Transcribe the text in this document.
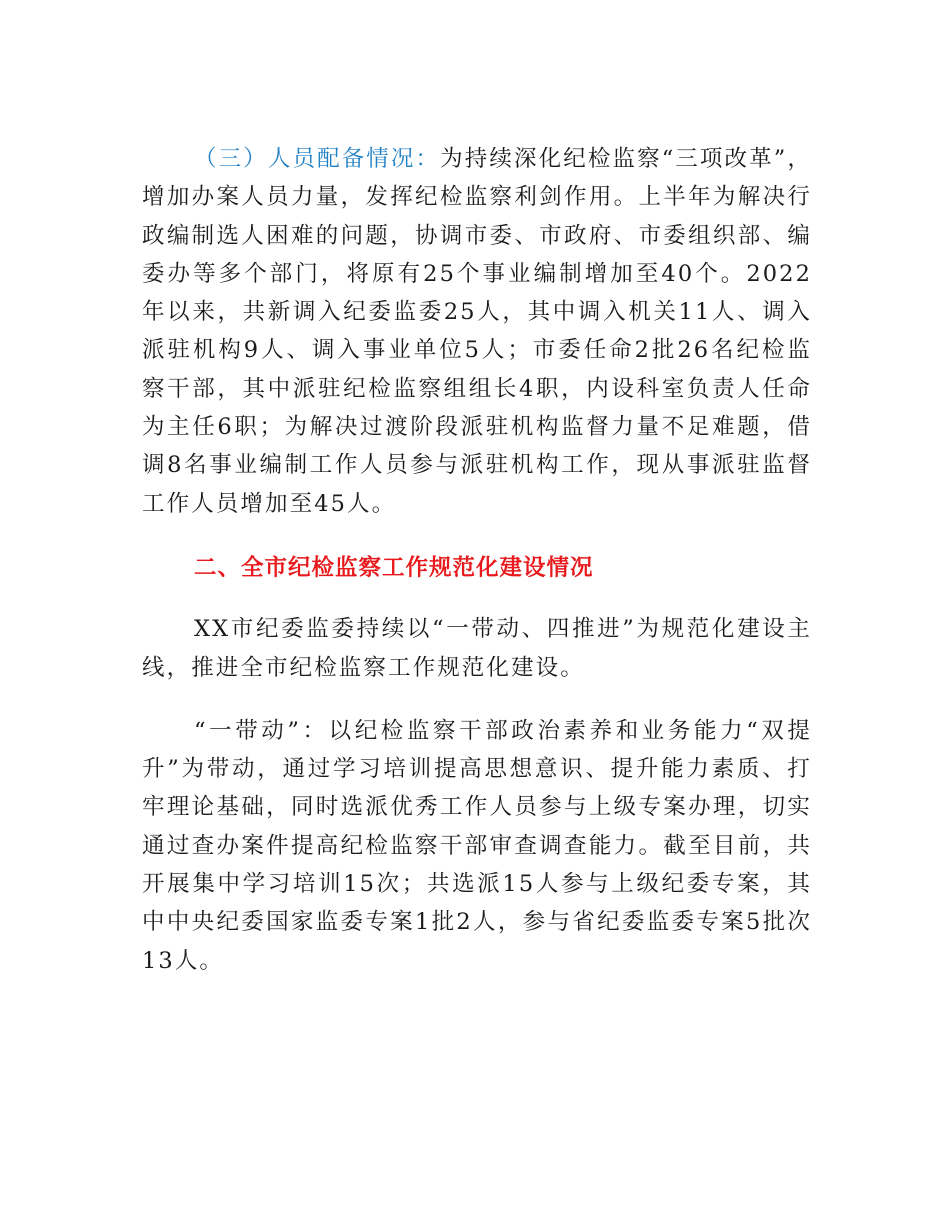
（三）人员配备情况：为持续深化纪检监察“三项改革”，增加办案人员力量，发挥纪检监察利剑作用。上半年为解决行政编制选人困难的问题，协调市委、市政府、市委组织部、编委办等多个部门，将原有25个事业编制增加至40个。2022年以来，共新调入纪委监委25人，其中调入机关11人、调入派驻机构9人、调入事业单位5人；市委任命2批26名纪检监察干部，其中派驻纪检监察组组长4职，内设科室负责人任命为主任6职；为解决过渡阶段派驻机构监督力量不足难题，借调8名事业编制工作人员参与派驻机构工作，现从事派驻监督工作人员增加至45人。

二、全市纪检监察工作规范化建设情况

XX市纪委监委持续以“一带动、四推进”为规范化建设主线，推进全市纪检监察工作规范化建设。

“一带动”：以纪检监察干部政治素养和业务能力“双提升”为带动，通过学习培训提高思想意识、提升能力素质、打牢理论基础，同时选派优秀工作人员参与上级专案办理，切实通过查办案件提高纪检监察干部审查调查能力。截至目前，共开展集中学习培训15次；共选派15人参与上级纪委专案，其中中央纪委国家监委专案1批2人，参与省纪委监委专案5批次13人。
